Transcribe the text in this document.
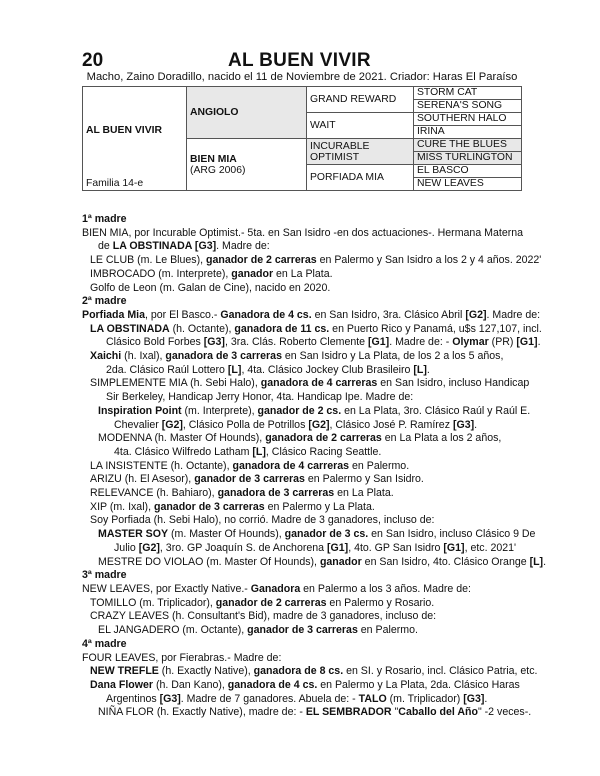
20	AL BUEN VIVIR
Macho, Zaino Doradillo, nacido el 11 de Noviembre de 2021. Criador: Haras El Paraíso
AL BUEN VIVIR
Familia 14-e	ANGIOLO	GRAND REWARD	STORM CAT
			SERENA'S SONG
		WAIT	SOUTHERN HALO
			IRINA

	BIEN MIA
(ARG 2006)	INCURABLE OPTIMIST	CURE THE BLUES
			MISS TURLINGTON
		PORFIADA MIA	EL BASCO
			NEW LEAVES
1ª madre
BIEN MIA, por Incurable Optimist.- 5ta. en San Isidro -en dos actuaciones-. Hermana Materna
de LA OBSTINADA [G3]. Madre de:
LE CLUB (m. Le Blues), ganador de 2 carreras en Palermo y San Isidro a los 2 y 4 años. 2022'
IMBROCADO (m. Interprete), ganador en La Plata.
Golfo de Leon (m. Galan de Cine), nacido en 2020.
2ª madre
Porfiada Mia, por El Basco.- Ganadora de 4 cs. en San Isidro, 3ra. Clásico Abril [G2]. Madre de:
LA OBSTINADA (h. Octante), ganadora de 11 cs. en Puerto Rico y Panamá, u$s 127,107, incl.
Clásico Bold Forbes [G3], 3ra. Clás. Roberto Clemente [G1]. Madre de: - Olymar (PR) [G1].
Xaichi (h. Ixal), ganadora de 3 carreras en San Isidro y La Plata, de los 2 a los 5 años,
2da. Clásico Raúl Lottero [L], 4ta. Clásico Jockey Club Brasileiro [L].
SIMPLEMENTE MIA (h. Sebi Halo), ganadora de 4 carreras en San Isidro, incluso Handicap
Sir Berkeley, Handicap Jerry Honor, 4ta. Handicap Ipe. Madre de:
Inspiration Point (m. Interprete), ganador de 2 cs. en La Plata, 3ro. Clásico Raúl y Raúl E.
Chevalier [G2], Clásico Polla de Potrillos [G2], Clásico José P. Ramírez [G3].
MODENNA (h. Master Of Hounds), ganadora de 2 carreras en La Plata a los 2 años,
4ta. Clásico Wilfredo Latham [L], Clásico Racing Seattle.
LA INSISTENTE (h. Octante), ganadora de 4 carreras en Palermo.
ARIZU (h. El Asesor), ganador de 3 carreras en Palermo y San Isidro.
RELEVANCE (h. Bahiaro), ganadora de 3 carreras en La Plata.
XIP (m. Ixal), ganador de 3 carreras en Palermo y La Plata.
Soy Porfiada (h. Sebi Halo), no corrió. Madre de 3 ganadores, incluso de:
MASTER SOY (m. Master Of Hounds), ganador de 3 cs. en San Isidro, incluso Clásico 9 De
Julio [G2], 3ro. GP Joaquín S. de Anchorena [G1], 4to. GP San Isidro [G1], etc. 2021'
MESTRE DO VIOLAO (m. Master Of Hounds), ganador en San Isidro, 4to. Clásico Orange [L].
3ª madre
NEW LEAVES, por Exactly Native.- Ganadora en Palermo a los 3 años. Madre de:
TOMILLO (m. Triplicador), ganador de 2 carreras en Palermo y Rosario.
CRAZY LEAVES (h. Consultant's Bid), madre de 3 ganadores, incluso de:
EL JANGADERO (m. Octante), ganador de 3 carreras en Palermo.
4ª madre
FOUR LEAVES, por Fierabras.- Madre de:
NEW TREFLE (h. Exactly Native), ganadora de 8 cs. en SI. y Rosario, incl. Clásico Patria, etc.
Dana Flower (h. Dan Kano), ganadora de 4 cs. en Palermo y La Plata, 2da. Clásico Haras
Argentinos [G3]. Madre de 7 ganadores. Abuela de: - TALO (m. Triplicador) [G3].
NIÑA FLOR (h. Exactly Native), madre de: - EL SEMBRADOR "Caballo del Año" -2 veces-.
